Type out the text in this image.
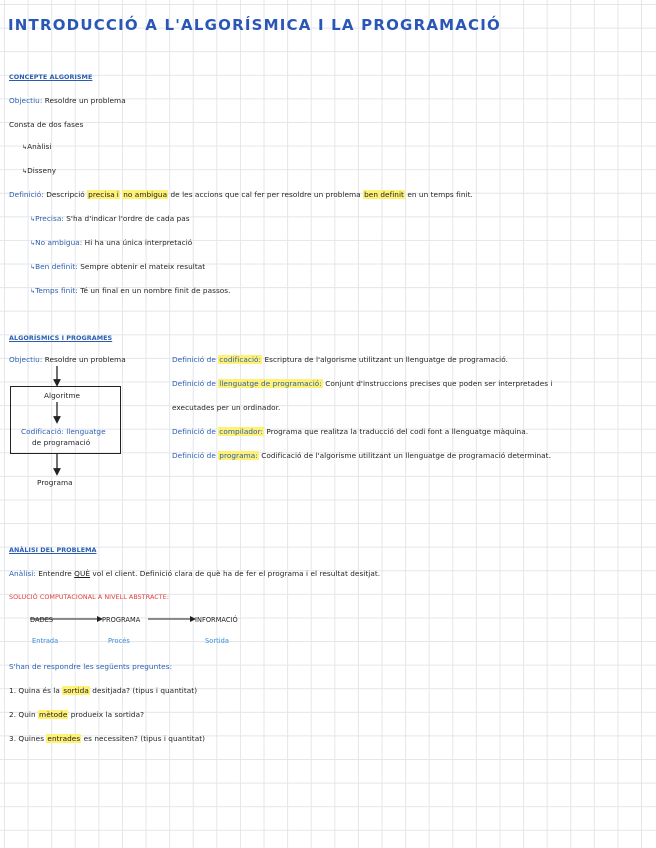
INTRODUCCIÓ A L'ALGORÍSMICA I LA PROGRAMACIÓ
CONCEPTE ALGORISME
Objectiu: Resoldre un problema
Consta de dos fases
↳Anàlisi
↳Disseny
Definició: Descripció precisa i no ambigua de les accions que cal fer per resoldre un problema ben definit en un temps finit.
↳Precisa: S'ha d'indicar l'ordre de cada pas
↳No ambigua: Hi ha una única interpretació
↳Ben definit: Sempre obtenir el mateix resultat
↳Temps finit: Té un final en un nombre finit de passos.
ALGORÍSMICS I PROGRAMES
Objectiu: Resoldre un problema
Algoritme
Codificació: llenguatge
de programació
Programa
Definició de codificació: Escriptura de l'algorisme utilitzant un llenguatge de programació.
Definició de llenguatge de programació: Conjunt d'instruccions precises que poden ser interpretades i
executades per un ordinador.
Definició de compilador: Programa que realitza la traducció del codi font a llenguatge màquina.
Definició de programa: Codificació de l'algorisme utilitzant un llenguatge de programació determinat.
ANÀLISI DEL PROBLEMA
Anàlisi: Entendre QUÈ vol el client. Definició clara de què ha de fer el programa i el resultat desitjat.
SOLUCIÓ COMPUTACIONAL A NIVELL ABSTRACTE:
DADES	PROGRAMA	INFORMACIÓ
Entrada	Procés	Sortida
S'han de respondre les següents preguntes:
1. Quina és la sortida desitjada? (tipus i quantitat)
2. Quin mètode produeix la sortida?
3. Quines entrades es necessiten? (tipus i quantitat)
